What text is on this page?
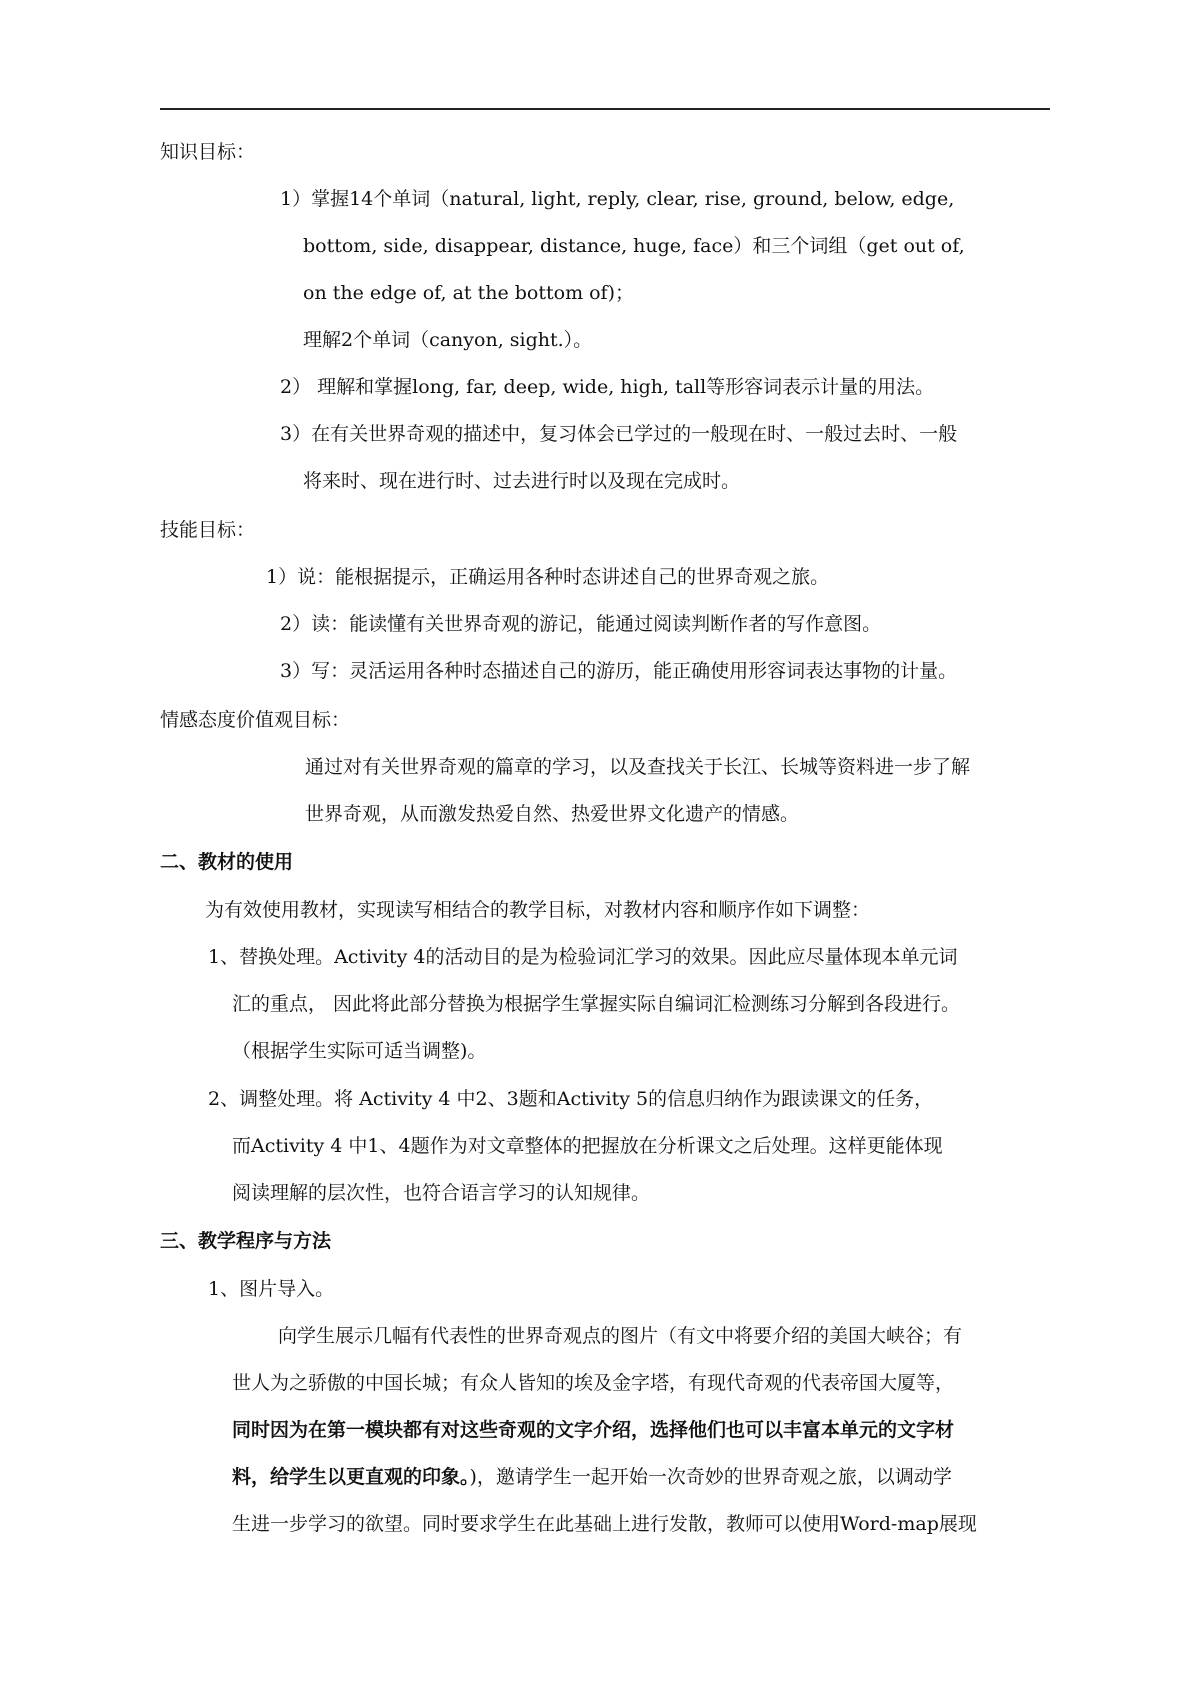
知识目标：
1）掌握14个单词（natural, light, reply, clear, rise, ground, below, edge,
bottom, side, disappear, distance, huge, face）和三个词组（get out of,
on the edge of, at the bottom of)；
理解2个单词（canyon, sight.）。
2） 理解和掌握long, far, deep, wide, high, tall等形容词表示计量的用法。
3）在有关世界奇观的描述中，复习体会已学过的一般现在时、一般过去时、一般
将来时、现在进行时、过去进行时以及现在完成时。
技能目标：
1）说：能根据提示，正确运用各种时态讲述自己的世界奇观之旅。
2）读：能读懂有关世界奇观的游记，能通过阅读判断作者的写作意图。
3）写：灵活运用各种时态描述自己的游历，能正确使用形容词表达事物的计量。
情感态度价值观目标：
通过对有关世界奇观的篇章的学习，以及查找关于长江、长城等资料进一步了解
世界奇观，从而激发热爱自然、热爱世界文化遗产的情感。
二、教材的使用
为有效使用教材，实现读写相结合的教学目标，对教材内容和顺序作如下调整：
1、替换处理。Activity 4的活动目的是为检验词汇学习的效果。因此应尽量体现本单元词
汇的重点， 因此将此部分替换为根据学生掌握实际自编词汇检测练习分解到各段进行。
（根据学生实际可适当调整)。
2、调整处理。将 Activity 4 中2、3题和Activity 5的信息归纳作为跟读课文的任务，
而Activity 4 中1、4题作为对文章整体的把握放在分析课文之后处理。这样更能体现
阅读理解的层次性，也符合语言学习的认知规律。
三、教学程序与方法
1、图片导入。
向学生展示几幅有代表性的世界奇观点的图片（有文中将要介绍的美国大峡谷；有
世人为之骄傲的中国长城；有众人皆知的埃及金字塔，有现代奇观的代表帝国大厦等，
同时因为在第一模块都有对这些奇观的文字介绍，选择他们也可以丰富本单元的文字材
料，给学生以更直观的印象。)，邀请学生一起开始一次奇妙的世界奇观之旅，以调动学
生进一步学习的欲望。同时要求学生在此基础上进行发散，教师可以使用Word-map展现
